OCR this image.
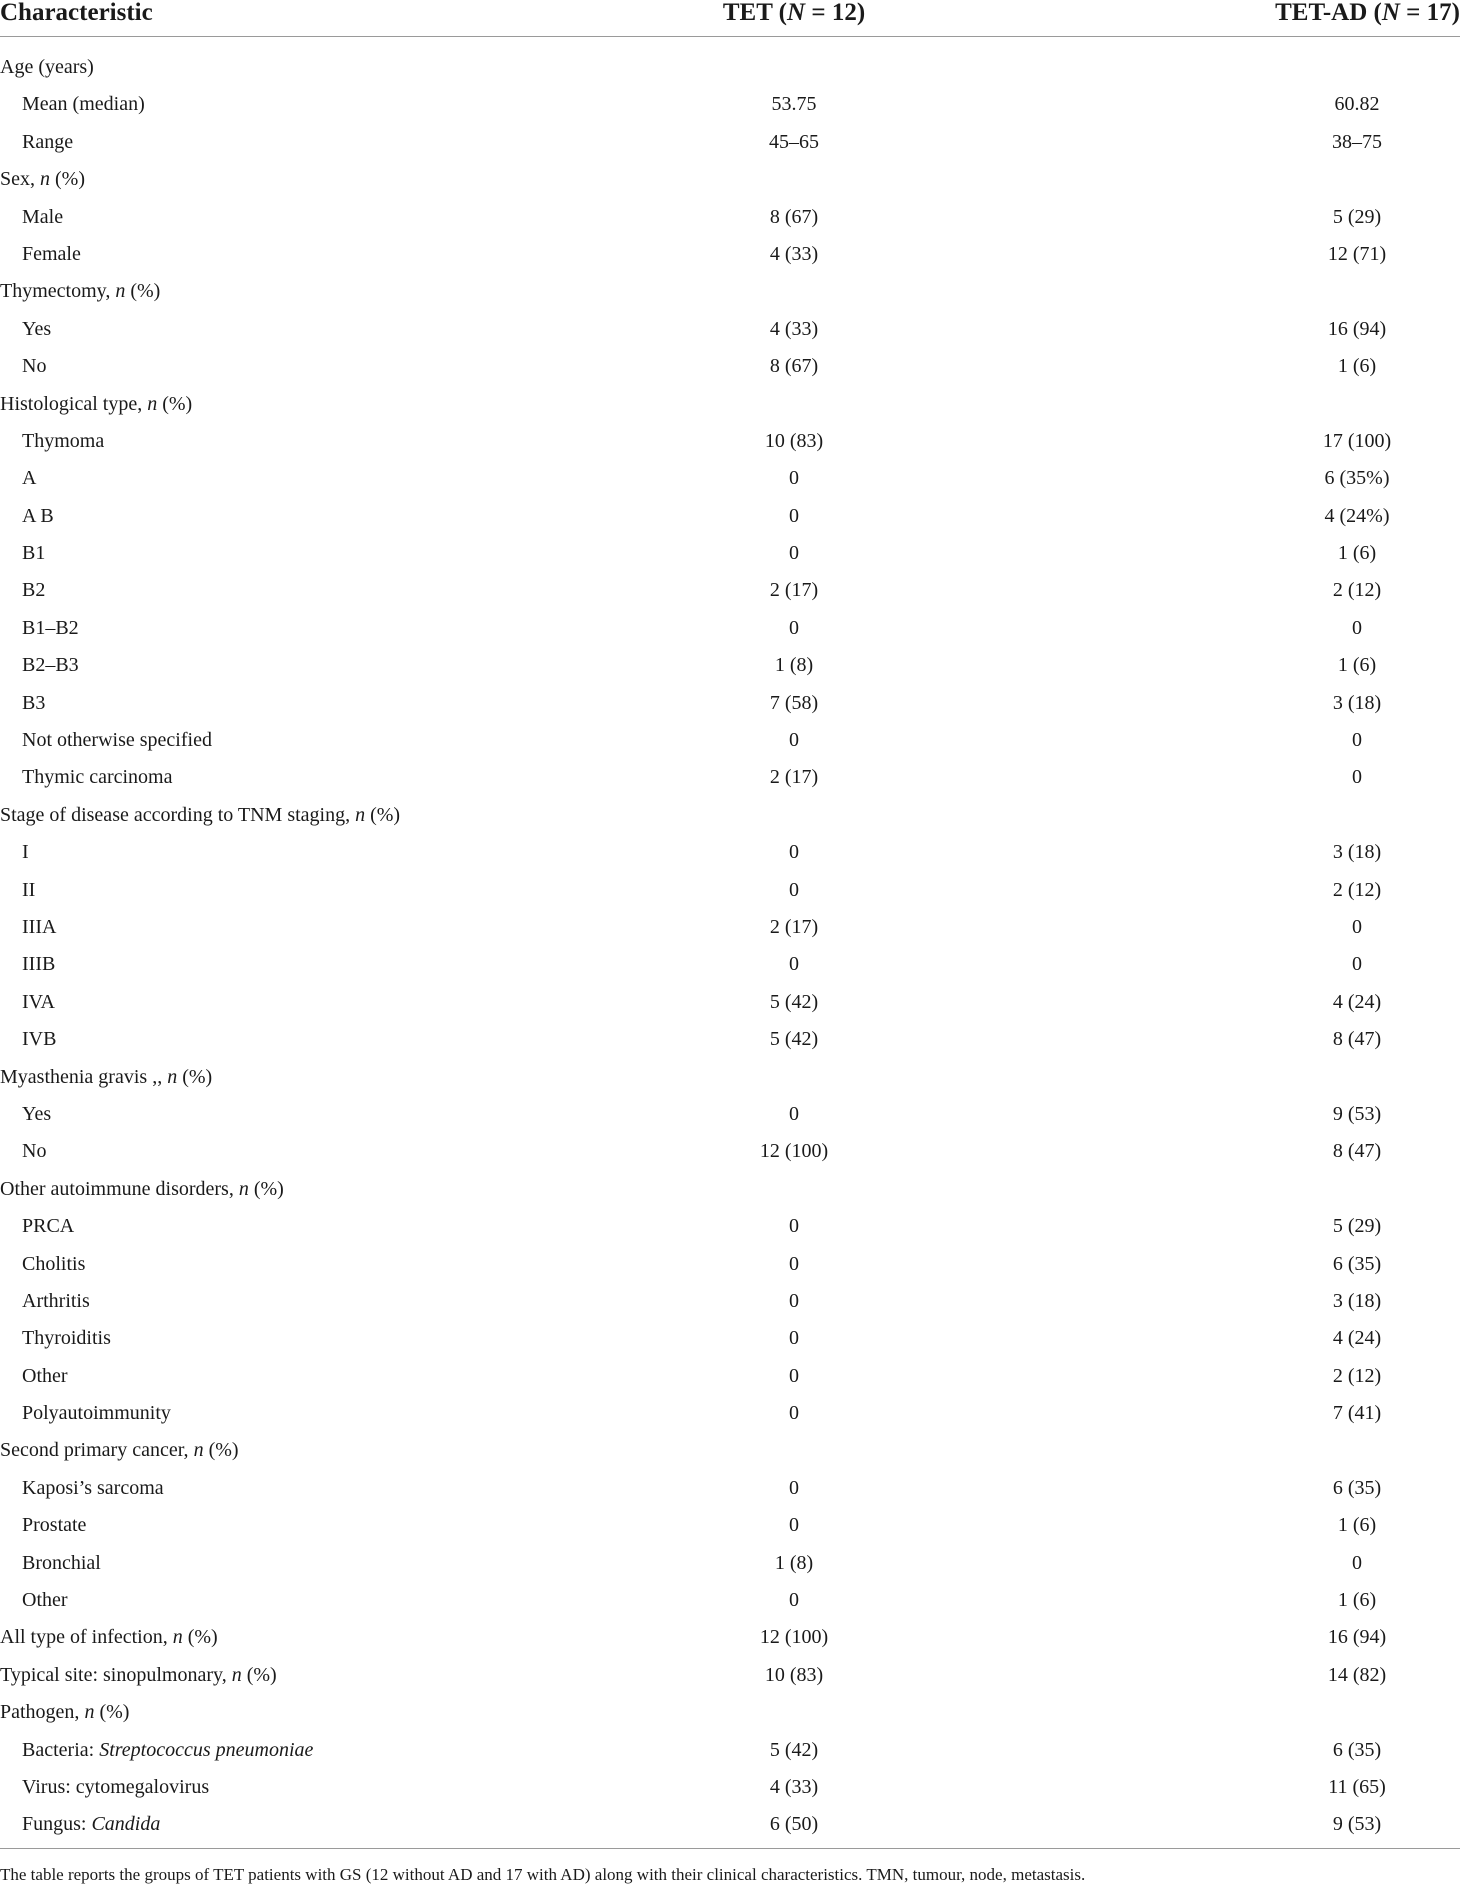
Characteristic	TET (N = 12)	TET-AD (N = 17)
Age (years)
Mean (median)	53.75	60.82
Range	45–65	38–75
Sex, n (%)
Male	8 (67)	5 (29)
Female	4 (33)	12 (71)
Thymectomy, n (%)
Yes	4 (33)	16 (94)
No	8 (67)	1 (6)
Histological type, n (%)
Thymoma	10 (83)	17 (100)
A	0	6 (35%)
A B	0	4 (24%)
B1	0	1 (6)
B2	2 (17)	2 (12)
B1–B2	0	0
B2–B3	1 (8)	1 (6)
B3	7 (58)	3 (18)
Not otherwise specified	0	0
Thymic carcinoma	2 (17)	0
Stage of disease according to TNM staging, n (%)
I	0	3 (18)
II	0	2 (12)
IIIA	2 (17)	0
IIIB	0	0
IVA	5 (42)	4 (24)
IVB	5 (42)	8 (47)
Myasthenia gravis ,, n (%)
Yes	0	9 (53)
No	12 (100)	8 (47)
Other autoimmune disorders, n (%)
PRCA	0	5 (29)
Cholitis	0	6 (35)
Arthritis	0	3 (18)
Thyroiditis	0	4 (24)
Other	0	2 (12)
Polyautoimmunity	0	7 (41)
Second primary cancer, n (%)
Kaposi’s sarcoma	0	6 (35)
Prostate	0	1 (6)
Bronchial	1 (8)	0
Other	0	1 (6)
All type of infection, n (%)	12 (100)	16 (94)
Typical site: sinopulmonary, n (%)	10 (83)	14 (82)
Pathogen, n (%)
Bacteria: Streptococcus pneumoniae	5 (42)	6 (35)
Virus: cytomegalovirus	4 (33)	11 (65)
Fungus: Candida	6 (50)	9 (53)
The table reports the groups of TET patients with GS (12 without AD and 17 with AD) along with their clinical characteristics. TMN, tumour, node, metastasis.
